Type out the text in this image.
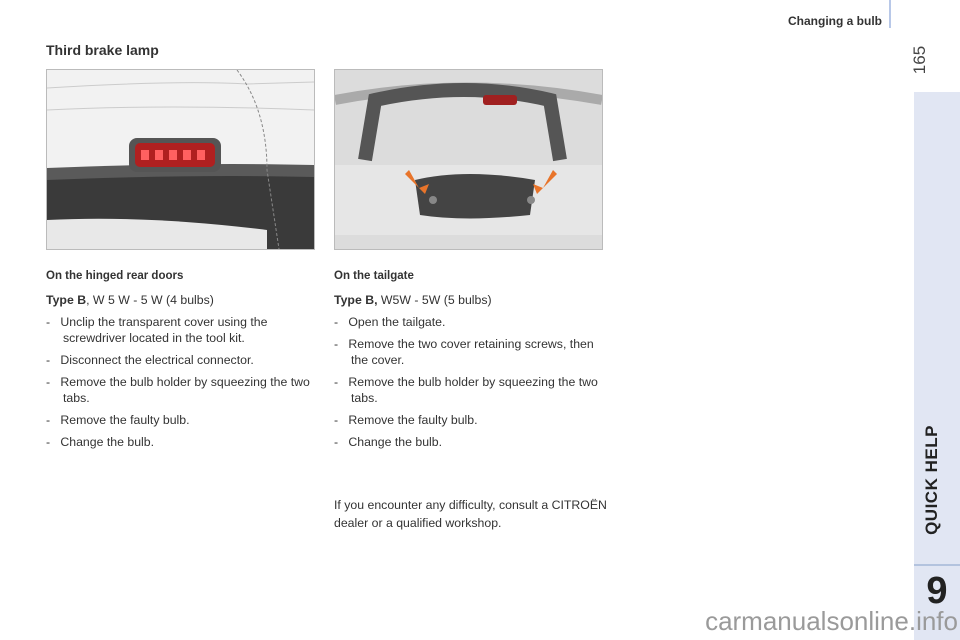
Changing a bulb
165
QUICK HELP
9
carmanualsonline.info
Third brake lamp
On the hinged rear doors
Type B, W 5 W - 5 W (4 bulbs)
-   Unclip the transparent cover using the screwdriver located in the tool kit.
-   Disconnect the electrical connector.
-   Remove the bulb holder by squeezing the two tabs.
-   Remove the faulty bulb.
-   Change the bulb.
On the tailgate
Type B, W5W - 5W (5 bulbs)
-   Open the tailgate.
-   Remove the two cover retaining screws, then the cover.
-   Remove the bulb holder by squeezing the two tabs.
-   Remove the faulty bulb.
-   Change the bulb.
If you encounter any difficulty, consult a CITROËN dealer or a qualified workshop.
